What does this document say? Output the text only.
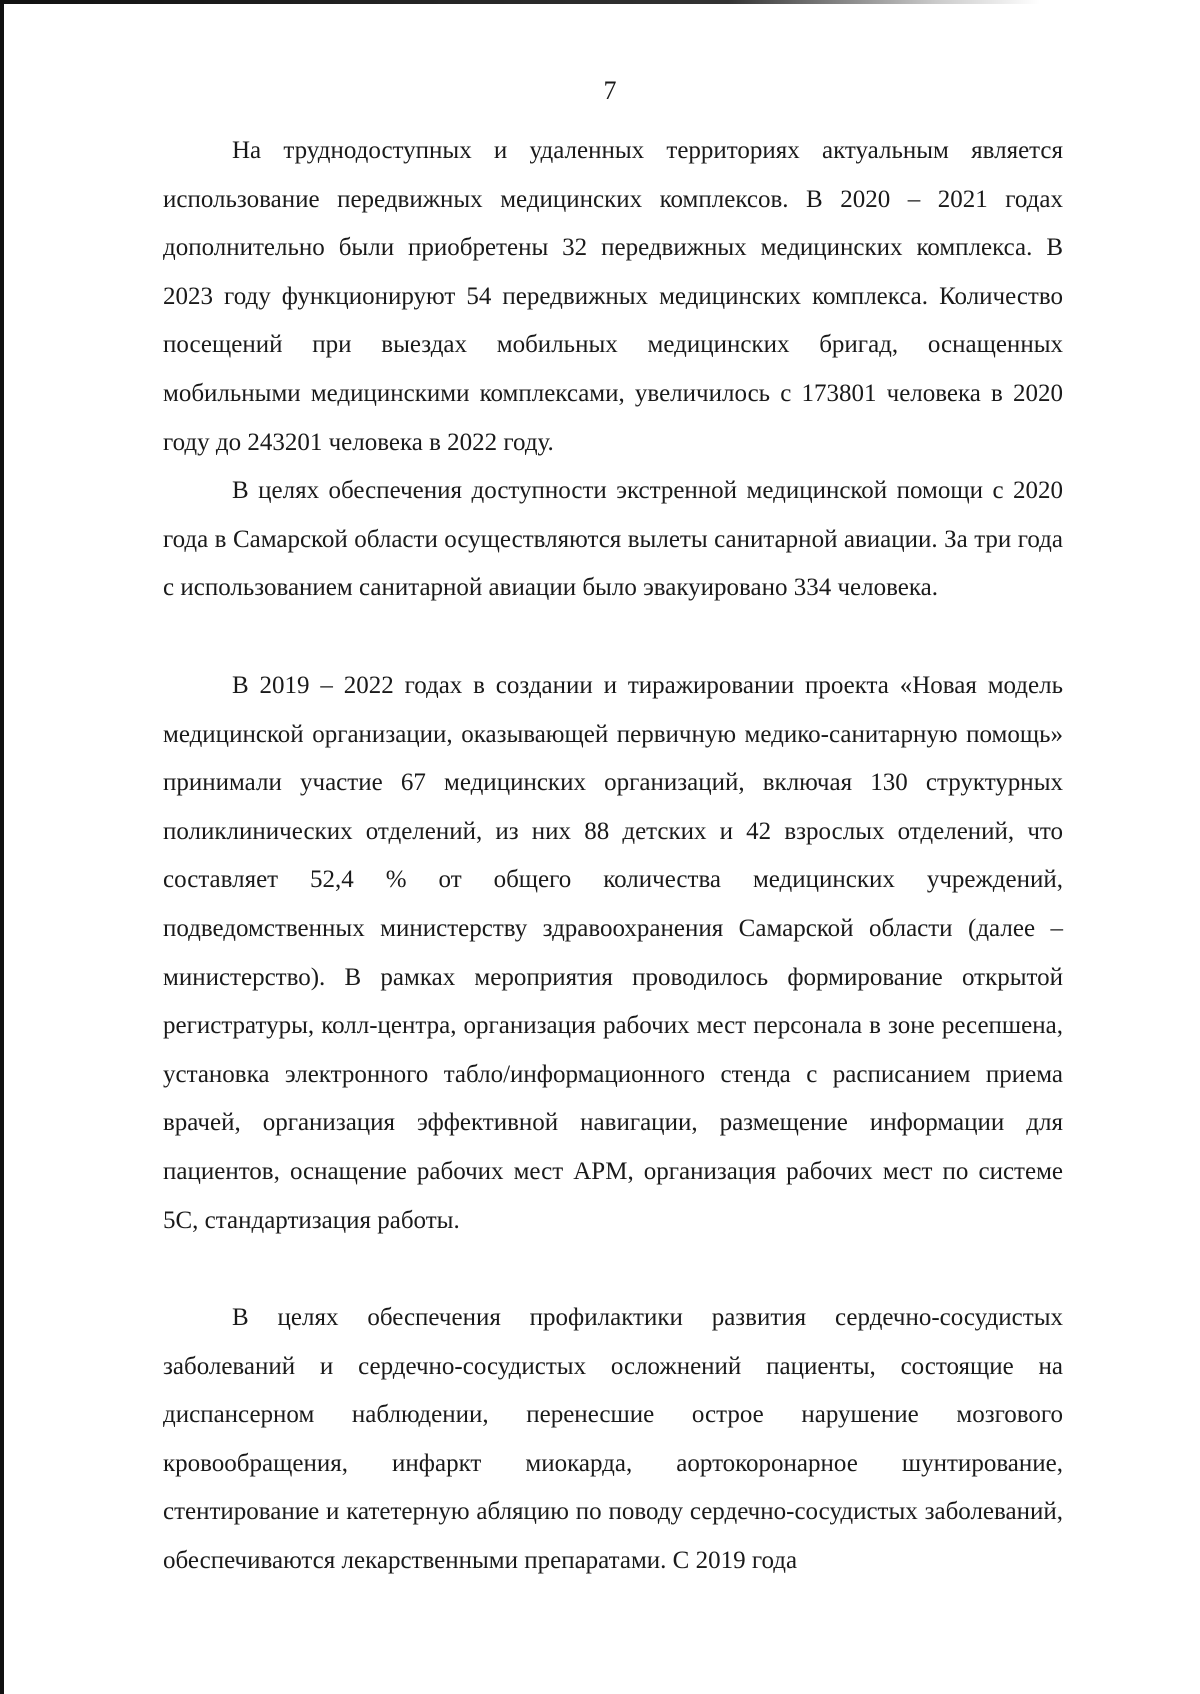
7

На труднодоступных и удаленных территориях актуальным является использование передвижных медицинских комплексов. В 2020 – 2021 годах дополнительно были приобретены 32 передвижных медицинских комплекса. В 2023 году функционируют 54 передвижных медицинских комплекса. Количество посещений при выездах мобильных медицинских бригад, оснащенных мобильными медицинскими комплексами, увеличилось с 173801 человека в 2020 году до 243201 человека в 2022 году.

В целях обеспечения доступности экстренной медицинской помощи с 2020 года в Самарской области осуществляются вылеты санитарной авиации. За три года с использованием санитарной авиации было эвакуировано 334 человека.

В 2019 – 2022 годах в создании и тиражировании проекта «Новая модель медицинской организации, оказывающей первичную медико-санитарную помощь» принимали участие 67 медицинских организаций, включая 130 структурных поликлинических отделений, из них 88 детских и 42 взрослых отделений, что составляет 52,4 % от общего количества медицинских учреждений, подведомственных министерству здравоохранения Самарской области (далее – министерство). В рамках мероприятия проводилось формирование открытой регистратуры, колл-центра, организация рабочих мест персонала в зоне ресепшена, установка электронного табло/информационного стенда с расписанием приема врачей, организация эффективной навигации, размещение информации для пациентов, оснащение рабочих мест АРМ, организация рабочих мест по системе 5С, стандартизация работы.

В целях обеспечения профилактики развития сердечно-сосудистых заболеваний и сердечно-сосудистых осложнений пациенты, состоящие на диспансерном наблюдении, перенесшие острое нарушение мозгового кровообращения, инфаркт миокарда, аортокоронарное шунтирование, стентирование и катетерную абляцию по поводу сердечно-сосудистых заболеваний, обеспечиваются лекарственными препаратами. С 2019 года
